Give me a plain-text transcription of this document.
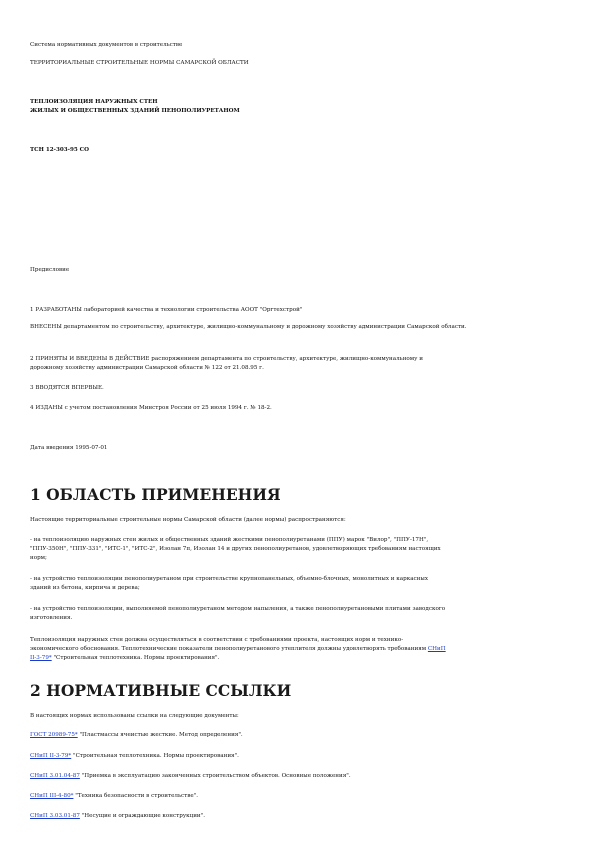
Система нормативных документов в строительстве
ТЕРРИТОРИАЛЬНЫЕ СТРОИТЕЛЬНЫЕ НОРМЫ САМАРСКОЙ ОБЛАСТИ
ТЕПЛОИЗОЛЯЦИЯ НАРУЖНЫХ СТЕН
ЖИЛЫХ И ОБЩЕСТВЕННЫХ ЗДАНИЙ ПЕНОПОЛИУРЕТАНОМ
ТСН 12-303-95 СО
Предисловие
1 РАЗРАБОТАНЫ лабораторией качества и технологии строительства АООТ "Оргтехстрой"
ВНЕСЕНЫ департаментом по строительству, архитектуре, жилищно-коммунальному и дорожному хозяйству администрации Самарской области.
2 ПРИНЯТЫ И ВВЕДЕНЫ В ДЕЙСТВИЕ распоряжением департамента по строительству, архитектуре, жилищно-коммунальному и
дорожному хозяйству администрации Самарской области № 122 от 21.08.95 г.
3 ВВОДЯТСЯ ВПЕРВЫЕ.
4 ИЗДАНЫ с учетом постановления Минстроя России от 25 июля 1994 г. № 18-2.
Дата введения 1995-07-01
1 ОБЛАСТЬ ПРИМЕНЕНИЯ
Настоящие территориальные строительные нормы Самарской области (далее нормы) распространяются:
- на теплоизоляцию наружных стен жилых и общественных зданий жесткими пенополиуретанами (ППУ) марок "Вилор", "ППУ-17Н",
"ППУ-350Н", "ППУ-331", "ИТС-1", "ИТС-2", Изолан 7п, Изолан 14 и других пенополиуретанов, удовлетворяющих требованиям настоящих
норм;
- на устройство теплоизоляции пенополиуретаном при строительстве крупнопанельных, объемно-блочных, монолитных и каркасных
зданий из бетона, кирпича и дерева;
- на устройство теплоизоляции, выполняемой пенополиуретаном методом напыления, а также пенополиуретановыми плитами заводского
изготовления.
Теплоизоляция наружных стен должна осуществляться в соответствии с требованиями проекта, настоящих норм и технико-
экономического обоснования. Теплотехнические показатели пенополиуретанового утеплителя должны удовлетворять требованиям СНиП
II-3-79* "Строительная теплотехника. Нормы проектирования".
2 НОРМАТИВНЫЕ ССЫЛКИ
В настоящих нормах использованы ссылки на следующие документы:
ГОСТ 20989-75* "Пластмассы ячеистые жесткие. Метод определения".
СНиП II-3-79* "Строительная теплотехника. Нормы проектирования".
СНиП 3.01.04-87 "Приемка в эксплуатацию законченных строительством объектов. Основные положения".
СНиП III-4-80* "Техника безопасности в строительстве".
СНиП 3.03.01-87 "Несущие и ограждающие конструкции".
